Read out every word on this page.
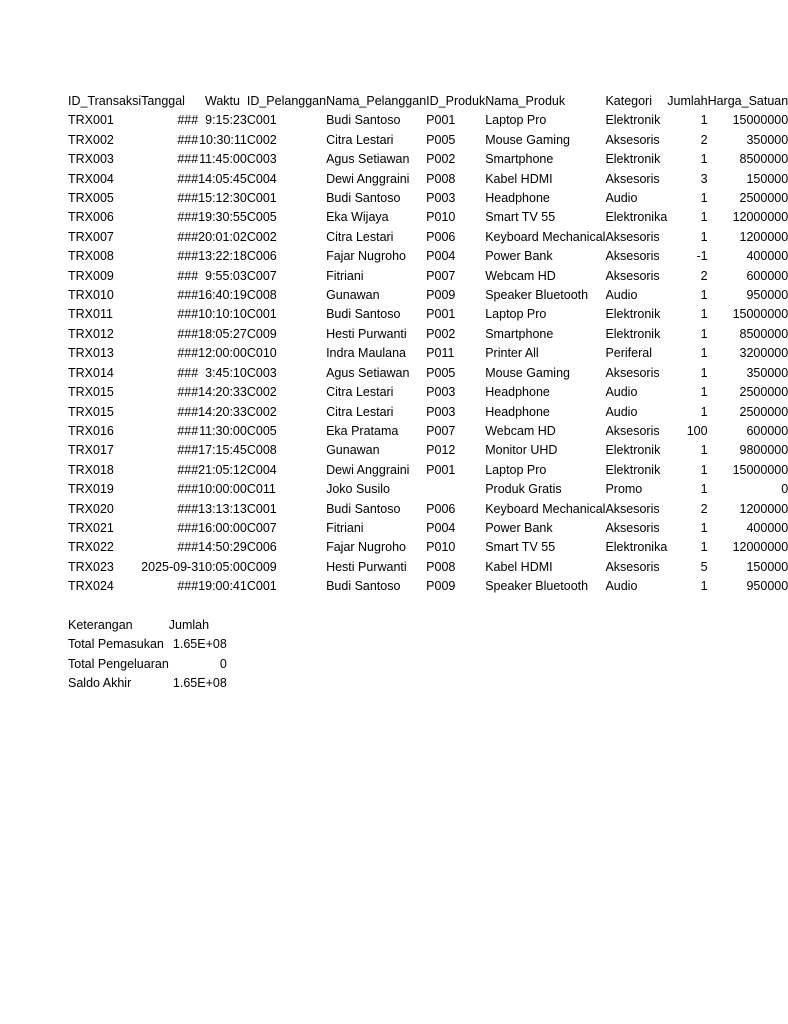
ID_Transaksi	Tanggal	Waktu	ID_Pelanggan	Nama_Pelanggan	ID_Produk	Nama_Produk	Kategori	Jumlah	Harga_Satuan
TRX001	###	9:15:23	C001	Budi Santoso	P001	Laptop Pro	Elektronik	1	15000000
TRX002	###	10:30:11	C002	Citra Lestari	P005	Mouse Gaming	Aksesoris	2	350000
TRX003	###	11:45:00	C003	Agus Setiawan	P002	Smartphone	Elektronik	1	8500000
TRX004	###	14:05:45	C004	Dewi Anggraini	P008	Kabel HDMI	Aksesoris	3	150000
TRX005	###	15:12:30	C001	Budi Santoso	P003	Headphone	Audio	1	2500000
TRX006	###	19:30:55	C005	Eka Wijaya	P010	Smart TV 55	Elektronika	1	12000000
TRX007	###	20:01:02	C002	Citra Lestari	P006	Keyboard Mechanical	Aksesoris	1	1200000
TRX008	###	13:22:18	C006	Fajar Nugroho	P004	Power Bank	Aksesoris	-1	400000
TRX009	###	9:55:03	C007	Fitriani	P007	Webcam HD	Aksesoris	2	600000
TRX010	###	16:40:19	C008	Gunawan	P009	Speaker Bluetooth	Audio	1	950000
TRX011	###	10:10:10	C001	Budi Santoso	P001	Laptop Pro	Elektronik	1	15000000
TRX012	###	18:05:27	C009	Hesti Purwanti	P002	Smartphone	Elektronik	1	8500000
TRX013	###	12:00:00	C010	Indra Maulana	P011	Printer All	Periferal	1	3200000
TRX014	###	3:45:10	C003	Agus Setiawan	P005	Mouse Gaming	Aksesoris	1	350000
TRX015	###	14:20:33	C002	Citra Lestari	P003	Headphone	Audio	1	2500000
TRX015	###	14:20:33	C002	Citra Lestari	P003	Headphone	Audio	1	2500000
TRX016	###	11:30:00	C005	Eka Pratama	P007	Webcam HD	Aksesoris	100	600000
TRX017	###	17:15:45	C008	Gunawan	P012	Monitor UHD	Elektronik	1	9800000
TRX018	###	21:05:12	C004	Dewi Anggraini	P001	Laptop Pro	Elektronik	1	15000000
TRX019	###	10:00:00	C011	Joko Susilo		Produk Gratis	Promo	1	0
TRX020	###	13:13:13	C001	Budi Santoso	P006	Keyboard Mechanical	Aksesoris	2	1200000
TRX021	###	16:00:00	C007	Fitriani	P004	Power Bank	Aksesoris	1	400000
TRX022	###	14:50:29	C006	Fajar Nugroho	P010	Smart TV 55	Elektronika	1	12000000
TRX023	2025-09-3	10:05:00	C009	Hesti Purwanti	P008	Kabel HDMI	Aksesoris	5	150000
TRX024	###	19:00:41	C001	Budi Santoso	P009	Speaker Bluetooth	Audio	1	950000
Keterangan	Jumlah
Total Pemasukan	1.65E+08
Total Pengeluaran	0
Saldo Akhir	1.65E+08
